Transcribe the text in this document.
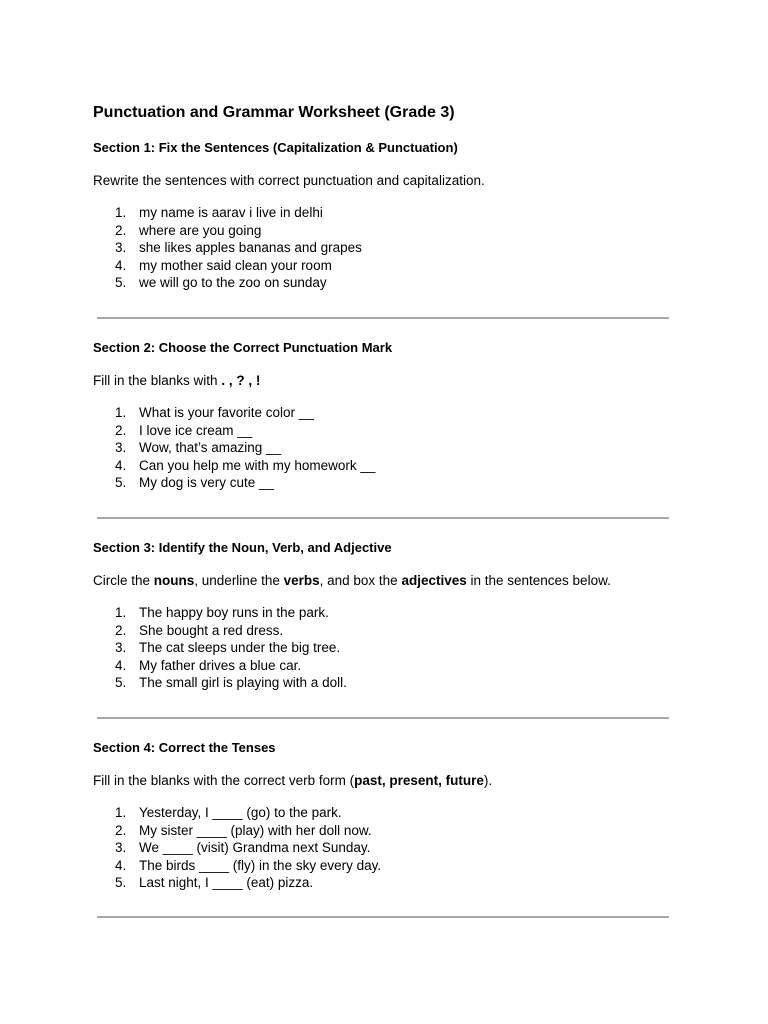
Punctuation and Grammar Worksheet (Grade 3)
Section 1: Fix the Sentences (Capitalization & Punctuation)

Rewrite the sentences with correct punctuation and capitalization.

1. my name is aarav i live in delhi
2. where are you going
3. she likes apples bananas and grapes
4. my mother said clean your room
5. we will go to the zoo on sunday
Section 2: Choose the Correct Punctuation Mark

Fill in the blanks with . , ? , !

1. What is your favorite color __
2. I love ice cream __
3. Wow, that’s amazing __
4. Can you help me with my homework __
5. My dog is very cute __
Section 3: Identify the Noun, Verb, and Adjective

Circle the nouns, underline the verbs, and box the adjectives in the sentences below.

1. The happy boy runs in the park.
2. She bought a red dress.
3. The cat sleeps under the big tree.
4. My father drives a blue car.
5. The small girl is playing with a doll.
Section 4: Correct the Tenses

Fill in the blanks with the correct verb form (past, present, future).

1. Yesterday, I ____ (go) to the park.
2. My sister ____ (play) with her doll now.
3. We ____ (visit) Grandma next Sunday.
4. The birds ____ (fly) in the sky every day.
5. Last night, I ____ (eat) pizza.
